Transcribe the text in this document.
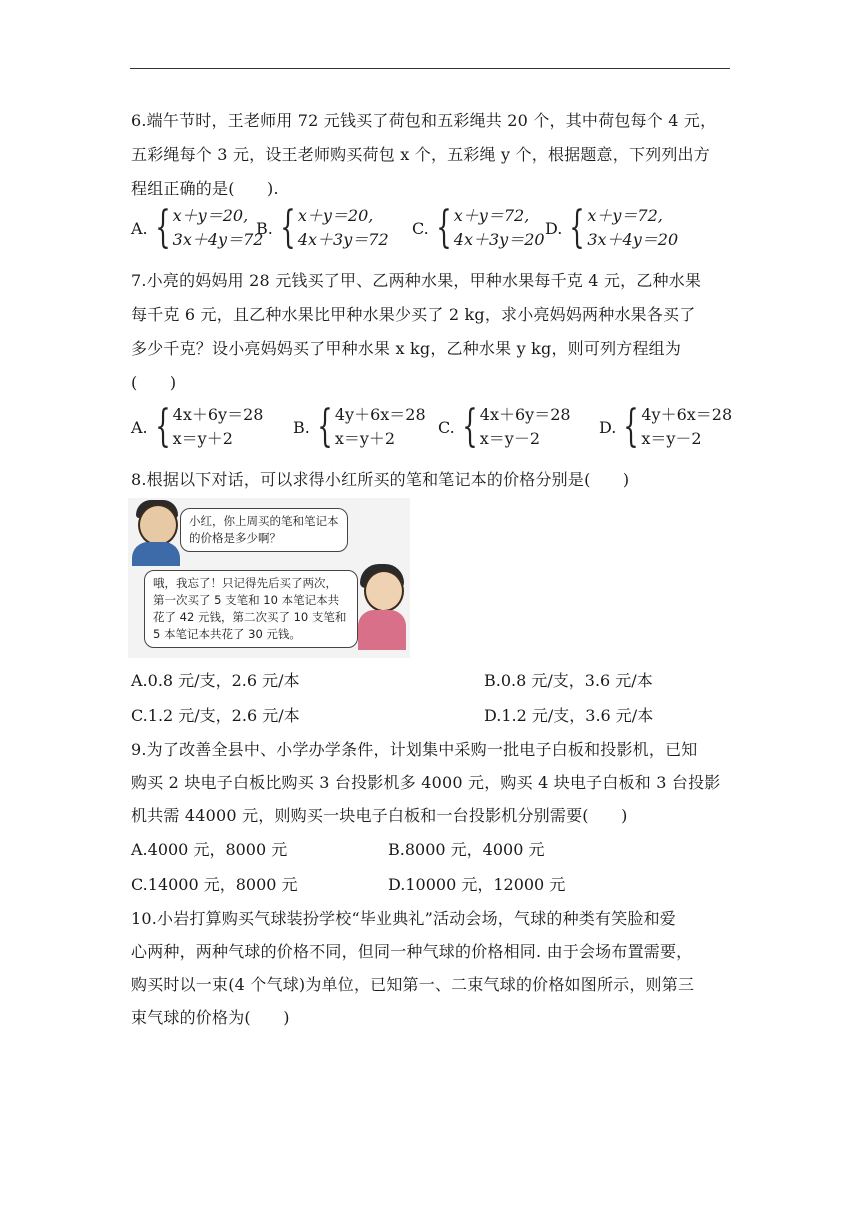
6.端午节时，王老师用 72 元钱买了荷包和五彩绳共 20 个，其中荷包每个 4 元，
五彩绳每个 3 元，设王老师购买荷包 x 个，五彩绳 y 个，根据题意，下列列出方
程组正确的是(　　).
A. { x＋y＝20,
3x＋4y＝72
B. { x＋y＝20,
4x＋3y＝72
C. { x＋y＝72,
4x＋3y＝20
D. { x＋y＝72,
3x＋4y＝20
7.小亮的妈妈用 28 元钱买了甲、乙两种水果，甲种水果每千克 4 元，乙种水果
每千克 6 元，且乙种水果比甲种水果少买了 2 kg，求小亮妈妈两种水果各买了
多少千克？设小亮妈妈买了甲种水果 x kg，乙种水果 y kg，则可列方程组为
(　　)
A. { 4x＋6y＝28
x＝y＋2
B. { 4y＋6x＝28
x＝y＋2
C. { 4x＋6y＝28
x＝y－2
D. { 4y＋6x＝28
x＝y－2
8.根据以下对话，可以求得小红所买的笔和笔记本的价格分别是(　　)
小红，你上周买的笔和笔记本
的价格是多少啊？
哦，我忘了！只记得先后买了两次，
第一次买了 5 支笔和 10 本笔记本共
花了 42 元钱，第二次买了 10 支笔和
5 本笔记本共花了 30 元钱。
A.0.8 元/支，2.6 元/本	B.0.8 元/支，3.6 元/本
C.1.2 元/支，2.6 元/本	D.1.2 元/支，3.6 元/本
9.为了改善全县中、小学办学条件，计划集中采购一批电子白板和投影机，已知
购买 2 块电子白板比购买 3 台投影机多 4000 元，购买 4 块电子白板和 3 台投影
机共需 44000 元，则购买一块电子白板和一台投影机分别需要(　　)
A.4000 元，8000 元	B.8000 元，4000 元
C.14000 元，8000 元	D.10000 元，12000 元
10.小岩打算购买气球装扮学校“毕业典礼”活动会场，气球的种类有笑脸和爱
心两种，两种气球的价格不同，但同一种气球的价格相同. 由于会场布置需要，
购买时以一束(4 个气球)为单位，已知第一、二束气球的价格如图所示，则第三
束气球的价格为(　　)
